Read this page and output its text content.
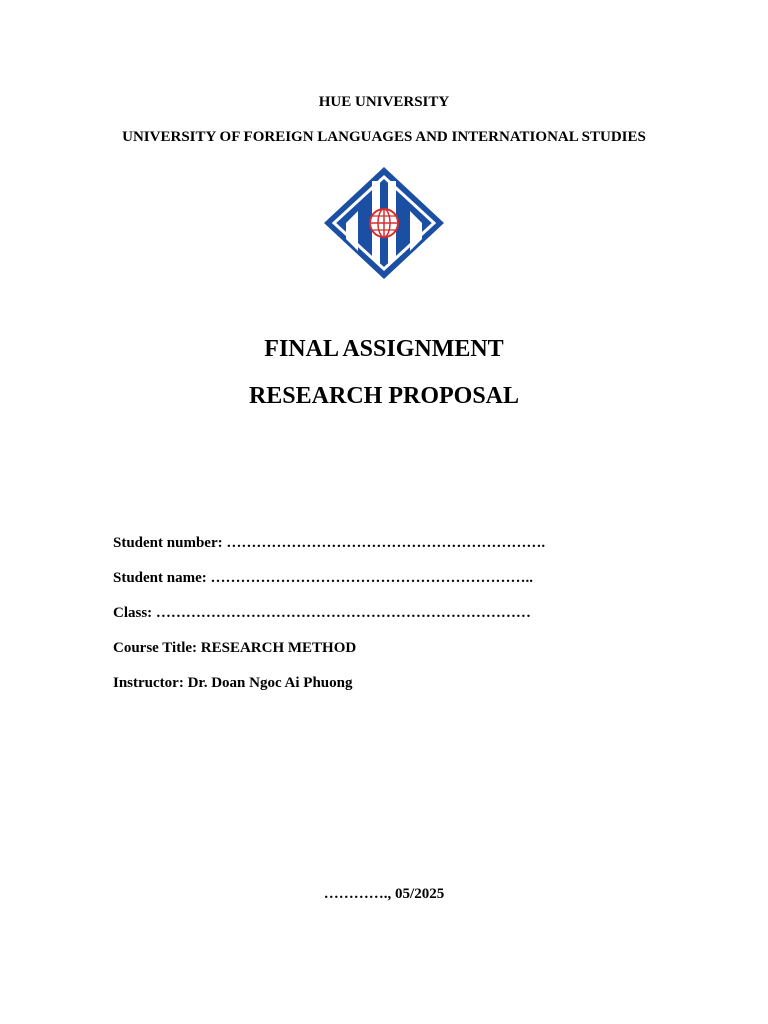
HUE UNIVERSITY
UNIVERSITY OF FOREIGN LANGUAGES AND INTERNATIONAL STUDIES
FINAL ASSIGNMENT
RESEARCH PROPOSAL
Student number: ……………………………………………………….
Student name: ………………………………………………………..
Class: …………………………………………………………………
Course Title: RESEARCH METHOD
Instructor: Dr. Doan Ngoc Ai Phuong
…………., 05/2025
